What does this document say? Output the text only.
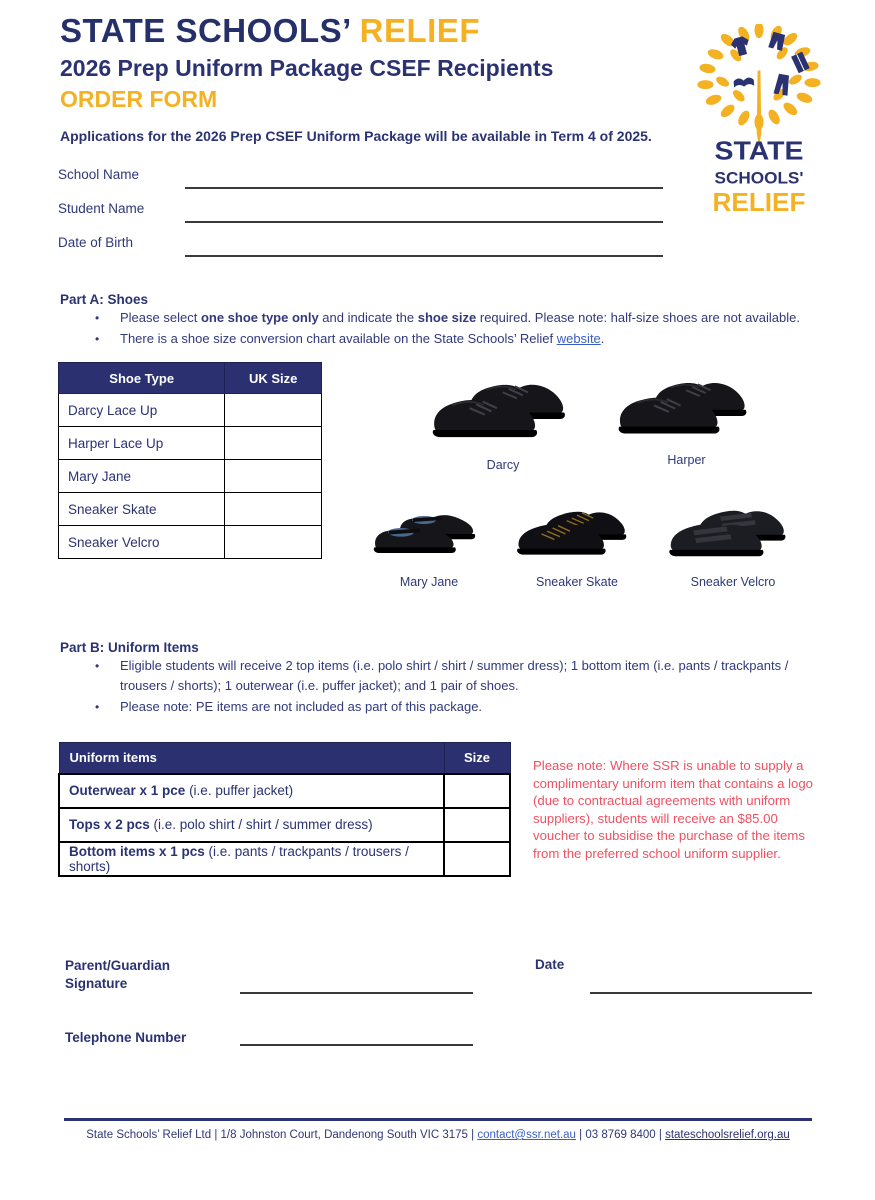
STATE SCHOOLS’ RELIEF
2026 Prep Uniform Package CSEF Recipients
ORDER FORM
Applications for the 2026 Prep CSEF Uniform Package will be available in Term 4 of 2025. STATE
SCHOOLS'
RELIEF
School Name
Student Name
Date of Birth
Part A: Shoes
•	Please select one shoe type only and indicate the shoe size required. Please note: half-size shoes are not available.
•	There is a shoe size conversion chart available on the State Schools’ Relief website.
Shoe Type	UK Size
Darcy Lace Up	
Harper Lace Up	
Mary Jane	
Sneaker Skate	
Sneaker Velcro	
Darcy	Harper
Mary Jane	Sneaker Skate	Sneaker Velcro
Part B: Uniform Items
•	Eligible students will receive 2 top items (i.e. polo shirt / shirt / summer dress); 1 bottom item (i.e. pants / trackpants / trousers / shorts); 1 outerwear (i.e. puffer jacket); and 1 pair of shoes.
•	Please note: PE items are not included as part of this package.
Uniform items	Size
Outerwear x 1 pce (i.e. puffer jacket)	
Tops x 2 pcs (i.e. polo shirt / shirt / summer dress)	
Bottom items x 1 pcs (i.e. pants / trackpants / trousers / shorts)	
Please note: Where SSR is unable to supply a complimentary uniform item that contains a logo (due to contractual agreements with uniform suppliers), students will receive an $85.00 voucher to subsidise the purchase of the items from the preferred school uniform supplier.
Parent/Guardian
Signature
Date
Telephone Number
State Schools’ Relief Ltd | 1/8 Johnston Court, Dandenong South VIC 3175 | contact@ssr.net.au | 03 8769 8400 | stateschoolsrelief.org.au
